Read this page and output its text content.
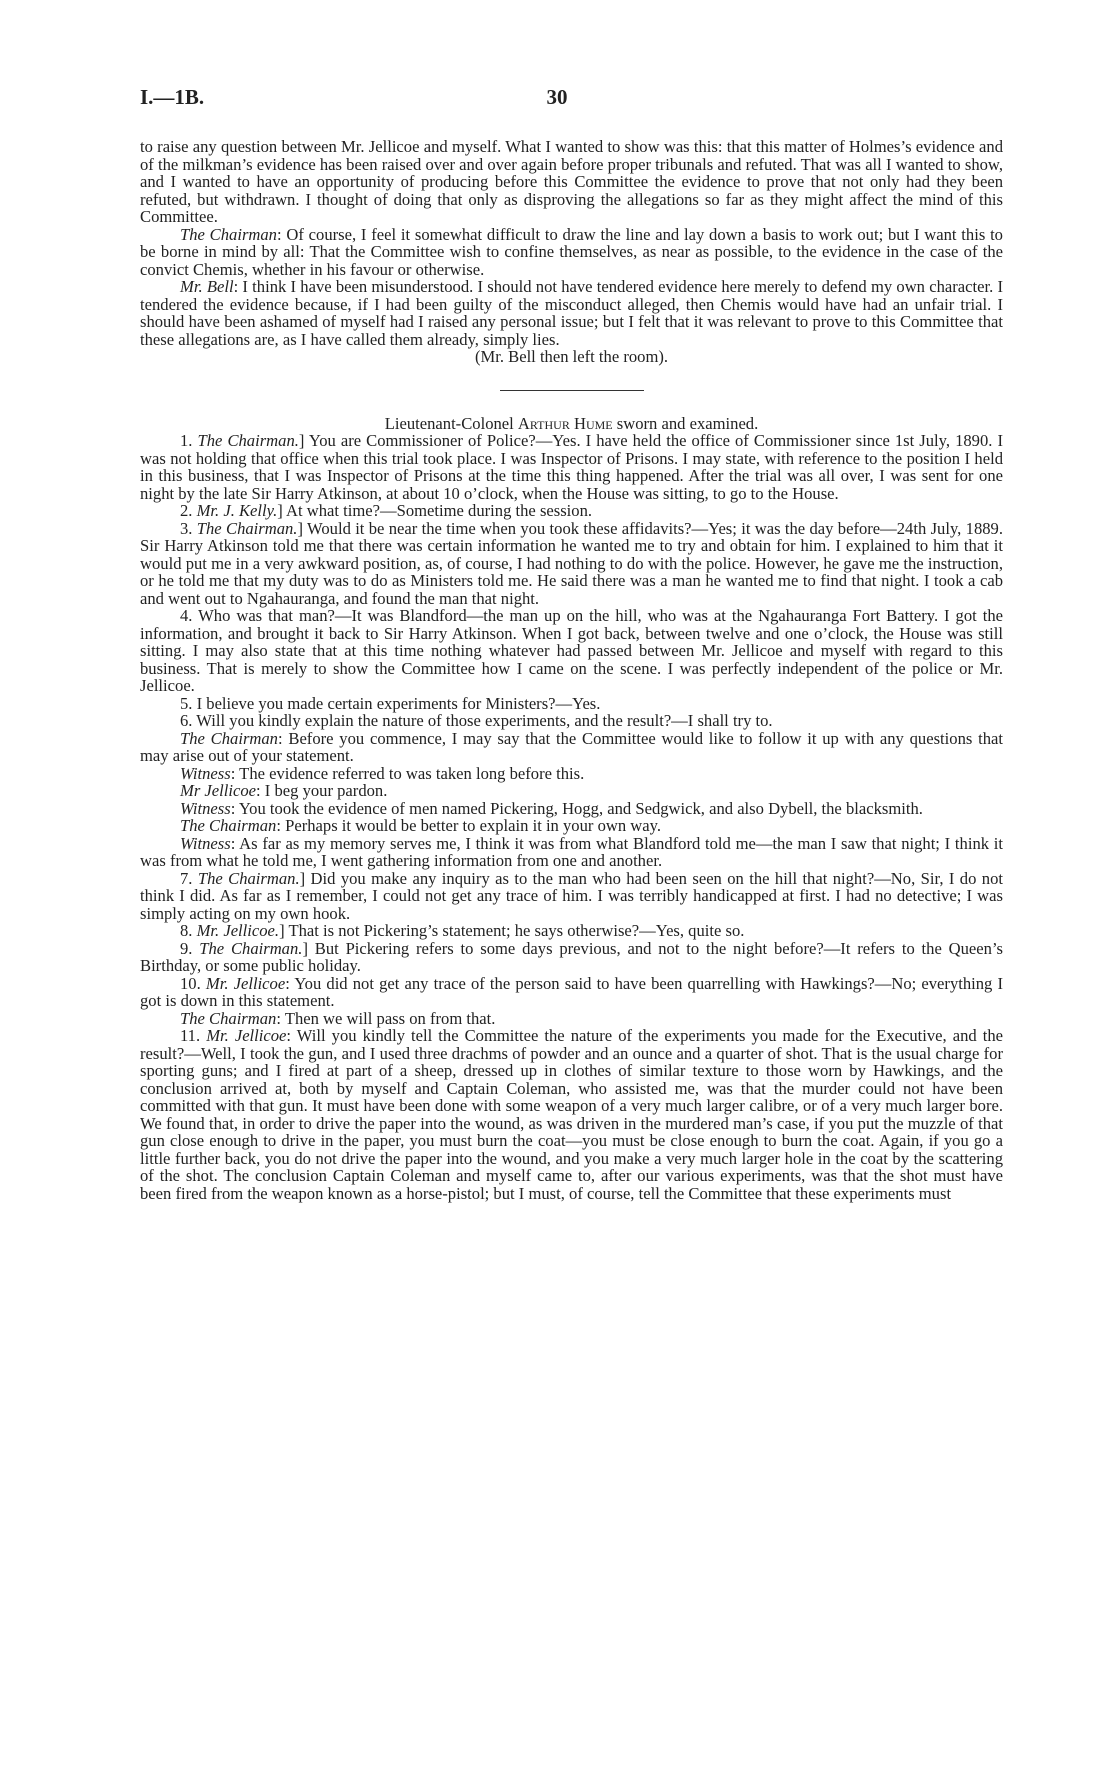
I.—1B.	30

to raise any question between Mr. Jellicoe and myself. What I wanted to show was this: that this matter of Holmes’s evidence and of the milkman’s evidence has been raised over and over again before proper tribunals and refuted. That was all I wanted to show, and I wanted to have an opportunity of producing before this Committee the evidence to prove that not only had they been refuted, but withdrawn. I thought of doing that only as disproving the allegations so far as they might affect the mind of this Committee.

The Chairman: Of course, I feel it somewhat difficult to draw the line and lay down a basis to work out; but I want this to be borne in mind by all: That the Committee wish to confine themselves, as near as possible, to the evidence in the case of the convict Chemis, whether in his favour or otherwise.

Mr. Bell: I think I have been misunderstood. I should not have tendered evidence here merely to defend my own character. I tendered the evidence because, if I had been guilty of the misconduct alleged, then Chemis would have had an unfair trial. I should have been ashamed of myself had I raised any personal issue; but I felt that it was relevant to prove to this Committee that these allegations are, as I have called them already, simply lies.

(Mr. Bell then left the room).

Lieutenant-Colonel Arthur Hume sworn and examined.

1. The Chairman.] You are Commissioner of Police?—Yes. I have held the office of Commissioner since 1st July, 1890. I was not holding that office when this trial took place. I was Inspector of Prisons. I may state, with reference to the position I held in this business, that I was Inspector of Prisons at the time this thing happened. After the trial was all over, I was sent for one night by the late Sir Harry Atkinson, at about 10 o’clock, when the House was sitting, to go to the House.

2. Mr. J. Kelly.] At what time?—Sometime during the session.

3. The Chairman.] Would it be near the time when you took these affidavits?—Yes; it was the day before—24th July, 1889. Sir Harry Atkinson told me that there was certain information he wanted me to try and obtain for him. I explained to him that it would put me in a very awkward position, as, of course, I had nothing to do with the police. However, he gave me the instruction, or he told me that my duty was to do as Ministers told me. He said there was a man he wanted me to find that night. I took a cab and went out to Ngahauranga, and found the man that night.

4. Who was that man?—It was Blandford—the man up on the hill, who was at the Ngahauranga Fort Battery. I got the information, and brought it back to Sir Harry Atkinson. When I got back, between twelve and one o’clock, the House was still sitting. I may also state that at this time nothing whatever had passed between Mr. Jellicoe and myself with regard to this business. That is merely to show the Committee how I came on the scene. I was perfectly independent of the police or Mr. Jellicoe.

5. I believe you made certain experiments for Ministers?—Yes.

6. Will you kindly explain the nature of those experiments, and the result?—I shall try to.

The Chairman: Before you commence, I may say that the Committee would like to follow it up with any questions that may arise out of your statement.

Witness: The evidence referred to was taken long before this.

Mr Jellicoe: I beg your pardon.

Witness: You took the evidence of men named Pickering, Hogg, and Sedgwick, and also Dybell, the blacksmith.

The Chairman: Perhaps it would be better to explain it in your own way.

Witness: As far as my memory serves me, I think it was from what Blandford told me—the man I saw that night; I think it was from what he told me, I went gathering information from one and another.

7. The Chairman.] Did you make any inquiry as to the man who had been seen on the hill that night?—No, Sir, I do not think I did. As far as I remember, I could not get any trace of him. I was terribly handicapped at first. I had no detective; I was simply acting on my own hook.

8. Mr. Jellicoe.] That is not Pickering’s statement; he says otherwise?—Yes, quite so.

9. The Chairman.] But Pickering refers to some days previous, and not to the night before?—It refers to the Queen’s Birthday, or some public holiday.

10. Mr. Jellicoe: You did not get any trace of the person said to have been quarrelling with Hawkings?—No; everything I got is down in this statement.

The Chairman: Then we will pass on from that.

11. Mr. Jellicoe: Will you kindly tell the Committee the nature of the experiments you made for the Executive, and the result?—Well, I took the gun, and I used three drachms of powder and an ounce and a quarter of shot. That is the usual charge for sporting guns; and I fired at part of a sheep, dressed up in clothes of similar texture to those worn by Hawkings, and the conclusion arrived at, both by myself and Captain Coleman, who assisted me, was that the murder could not have been committed with that gun. It must have been done with some weapon of a very much larger calibre, or of a very much larger bore. We found that, in order to drive the paper into the wound, as was driven in the murdered man’s case, if you put the muzzle of that gun close enough to drive in the paper, you must burn the coat—you must be close enough to burn the coat. Again, if you go a little further back, you do not drive the paper into the wound, and you make a very much larger hole in the coat by the scattering of the shot. The conclusion Captain Coleman and myself came to, after our various experiments, was that the shot must have been fired from the weapon known as a horse-pistol; but I must, of course, tell the Committee that these experiments must
